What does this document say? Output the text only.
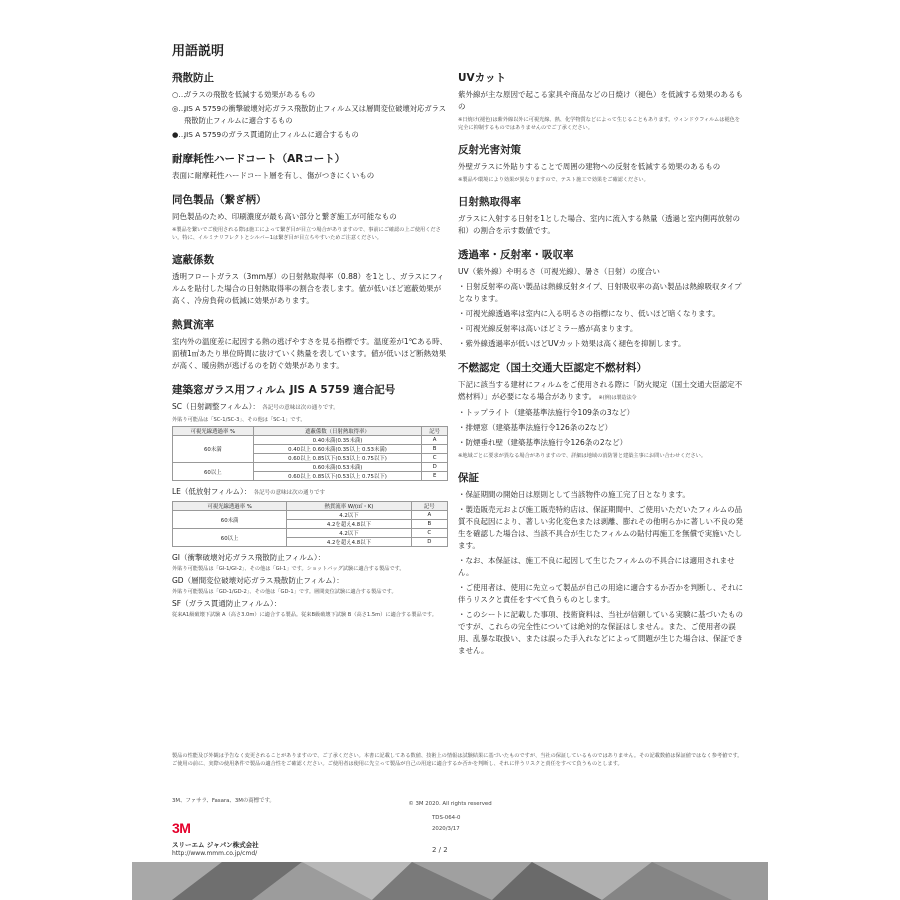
用語説明
飛散防止
○…
ガラスの飛散を低減する効果があるもの
◎…
JIS A 5759の衝撃破壊対応ガラス飛散防止フィルム又は層間変位破壊対応ガラス飛散防止フィルムに適合するもの
●…
JIS A 5759のガラス貫通防止フィルムに適合するもの
耐摩耗性ハードコート（ARコート）
表面に耐摩耗性ハードコート層を有し、傷がつきにくいもの
同色製品（繋ぎ柄）
同色製品のため、印刷濃度が最も高い部分と繋ぎ施工が可能なもの
※製品を繋いでご使用される際は施工によって繋ぎ目が目立つ場合がありますので、事前にご確認の上ご使用ください。特に、イルミナリフレクトとシルバー1は繋ぎ目が目立ちやすいためご注意ください。
遮蔽係数
透明フロートガラス（3mm厚）の日射熱取得率（0.88）を1とし、ガラスにフィルムを貼付した場合の日射熱取得率の割合を表します。値が低いほど遮蔽効果が高く、冷房負荷の低減に効果があります。
熱貫流率
室内外の温度差に起因する熱の逃げやすさを見る指標です。温度差が1℃ある時、面積1㎡あたり単位時間に抜けていく熱量を表しています。値が低いほど断熱効果が高く、暖房熱が逃げるのを防ぐ効果があります。
建築窓ガラス用フィルム JIS A 5759 適合記号
SC（日射調整フィルム）： 各記号の意味は次の通りです。
外貼り可能品は「SC-1/SC-3」、その他は「SC-1」です。
可視光線透過率 %	遮蔽係数（日射熱取得率）	記号
60未満	0.40未満(0.35未満)	A
	0.40以上 0.60未満(0.35以上 0.53未満)	B
	0.60以上 0.85以下(0.53以上 0.75以下)	C
60以上	0.60未満(0.53未満)	D
	0.60以上 0.85以下(0.53以上 0.75以下)	E
LE（低放射フィルム）： 各記号の意味は次の通りです
可視光線透過率 %	熱貫流率 W/(㎡・K)	記号
60未満	4.2以下	A
	4.2を超え4.8以下	B
60以上	4.2以下	C
	4.2を超え4.8以下	D
GI（衝撃破壊対応ガラス飛散防止フィルム）：
外貼り可能製品は「GI-1/GI-2」、その他は「GI-1」です。ショットバッグ試験に適合する製品です。
GD（層間変位破壊対応ガラス飛散防止フィルム）：
外貼り可能製品は「GD-1/GD-2」、その他は「GD-1」です。層間変位試験に適合する製品です。
SF（ガラス貫通防止フィルム）：
従来A1級破壊下試験 A（高さ3.0m）に適合する製品。従来B級破壊下試験 B（高さ1.5m）に適合する製品です。
UVカット
紫外線が主な原因で起こる家具や商品などの日焼け（褪色）を低減する効果のあるもの
※日焼け(褪色)は紫外線以外に可視光線、熱、化学物質などによって生じることもあります。ウィンドウフィルムは褪色を完全に抑制するものではありませんのでご了承ください。
反射光害対策
外壁ガラスに外貼りすることで周囲の建物への反射を低減する効果のあるもの
※製品や環境により効果が異なりますので、テスト施工で効果をご確認ください。
日射熱取得率
ガラスに入射する日射を1とした場合、室内に流入する熱量（透過と室内側再放射の和）の割合を示す数値です。
透過率・反射率・吸収率
UV（紫外線）や明るさ（可視光線）、暑さ（日射）の度合い
・日射反射率の高い製品は熱線反射タイプ、日射吸収率の高い製品は熱線吸収タイプとなります。
・可視光線透過率は室内に入る明るさの指標になり、低いほど暗くなります。
・可視光線反射率は高いほどミラー感が高まります。
・紫外線透過率が低いほどUVカット効果は高く褪色を抑制します。
不燃認定（国土交通大臣認定不燃材料）
下記に該当する建材にフィルムをご使用される際に「防火規定（国土交通大臣認定不燃材料）」が必要になる場合があります。 ※(例)は製造法令
・トップライト（建築基準法施行令109条の3など）
・排煙窓（建築基準法施行令126条の2など）
・防煙垂れ壁（建築基準法施行令126条の2など）
※地域ごとに要求が異なる場合がありますので、詳細は地域の消防署と建築主事にお問い合わせください。
保証
・保証期間の開始日は原則として当該物件の施工完了日となります。
・製造販売元および施工販売特約店は、保証期間中、ご使用いただいたフィルムの品質不良起因により、著しい劣化変色または剥離、膨れその他明らかに著しい不良の発生を確認した場合は、当該不具合が生じたフィルムの貼付再施工を無償で実施いたします。
・なお、本保証は、施工不良に起因して生じたフィルムの不具合には適用されません。
・ご使用者は、使用に先立って製品が自己の用途に適合するか否かを判断し、それに伴うリスクと責任をすべて負うものとします。
・このシートに記載した事項、技術資料は、当社が信頼している実験に基づいたものですが、これらの完全性については絶対的な保証はしません。また、ご使用者の誤用、乱暴な取扱い、または誤った手入れなどによって問題が生じた場合は、保証できません。
製品の性能及び外観は予告なく変更されることがありますので、ご了承ください。本書に記載してある数値、技術上の情報は試験結果に基づいたものですが、当社の保証しているものではありません。その記載数値は保証値ではなく参考値です。ご使用の前に、実際の使用条件で製品の適合性をご確認ください。ご使用者は使用に先立って製品が自己の用途に適合するか否かを判断し、それに伴うリスクと責任をすべて負うものとします。
3M、ファサラ、Fasara、3Mの商標です。	© 3M 2020. All rights reserved
TDS-064-0
2020/3/17
3M
スリーエム ジャパン株式会社
http://www.mmm.co.jp/cmd/	2 / 2
